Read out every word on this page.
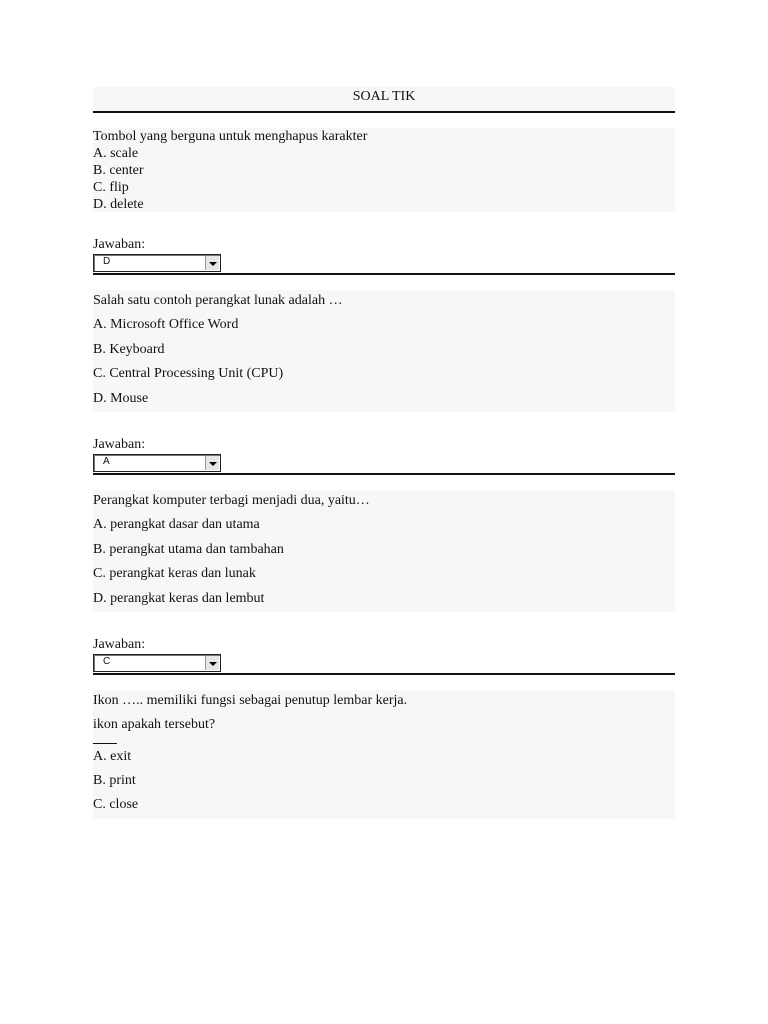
SOAL TIK
Tombol yang berguna untuk menghapus karakter
A. scale
B. center
C. flip
D. delete
Jawaban:
D
Salah satu contoh perangkat lunak adalah …
A. Microsoft Office Word
B. Keyboard
C. Central Processing Unit (CPU)
D. Mouse
Jawaban:
A
Perangkat komputer terbagi menjadi dua, yaitu…
A. perangkat dasar dan utama
B. perangkat utama dan tambahan
C. perangkat keras dan lunak
D. perangkat keras dan lembut
Jawaban:
C
Ikon ….. memiliki fungsi sebagai penutup lembar kerja.
ikon apakah tersebut?
A. exit
B. print
C. close
